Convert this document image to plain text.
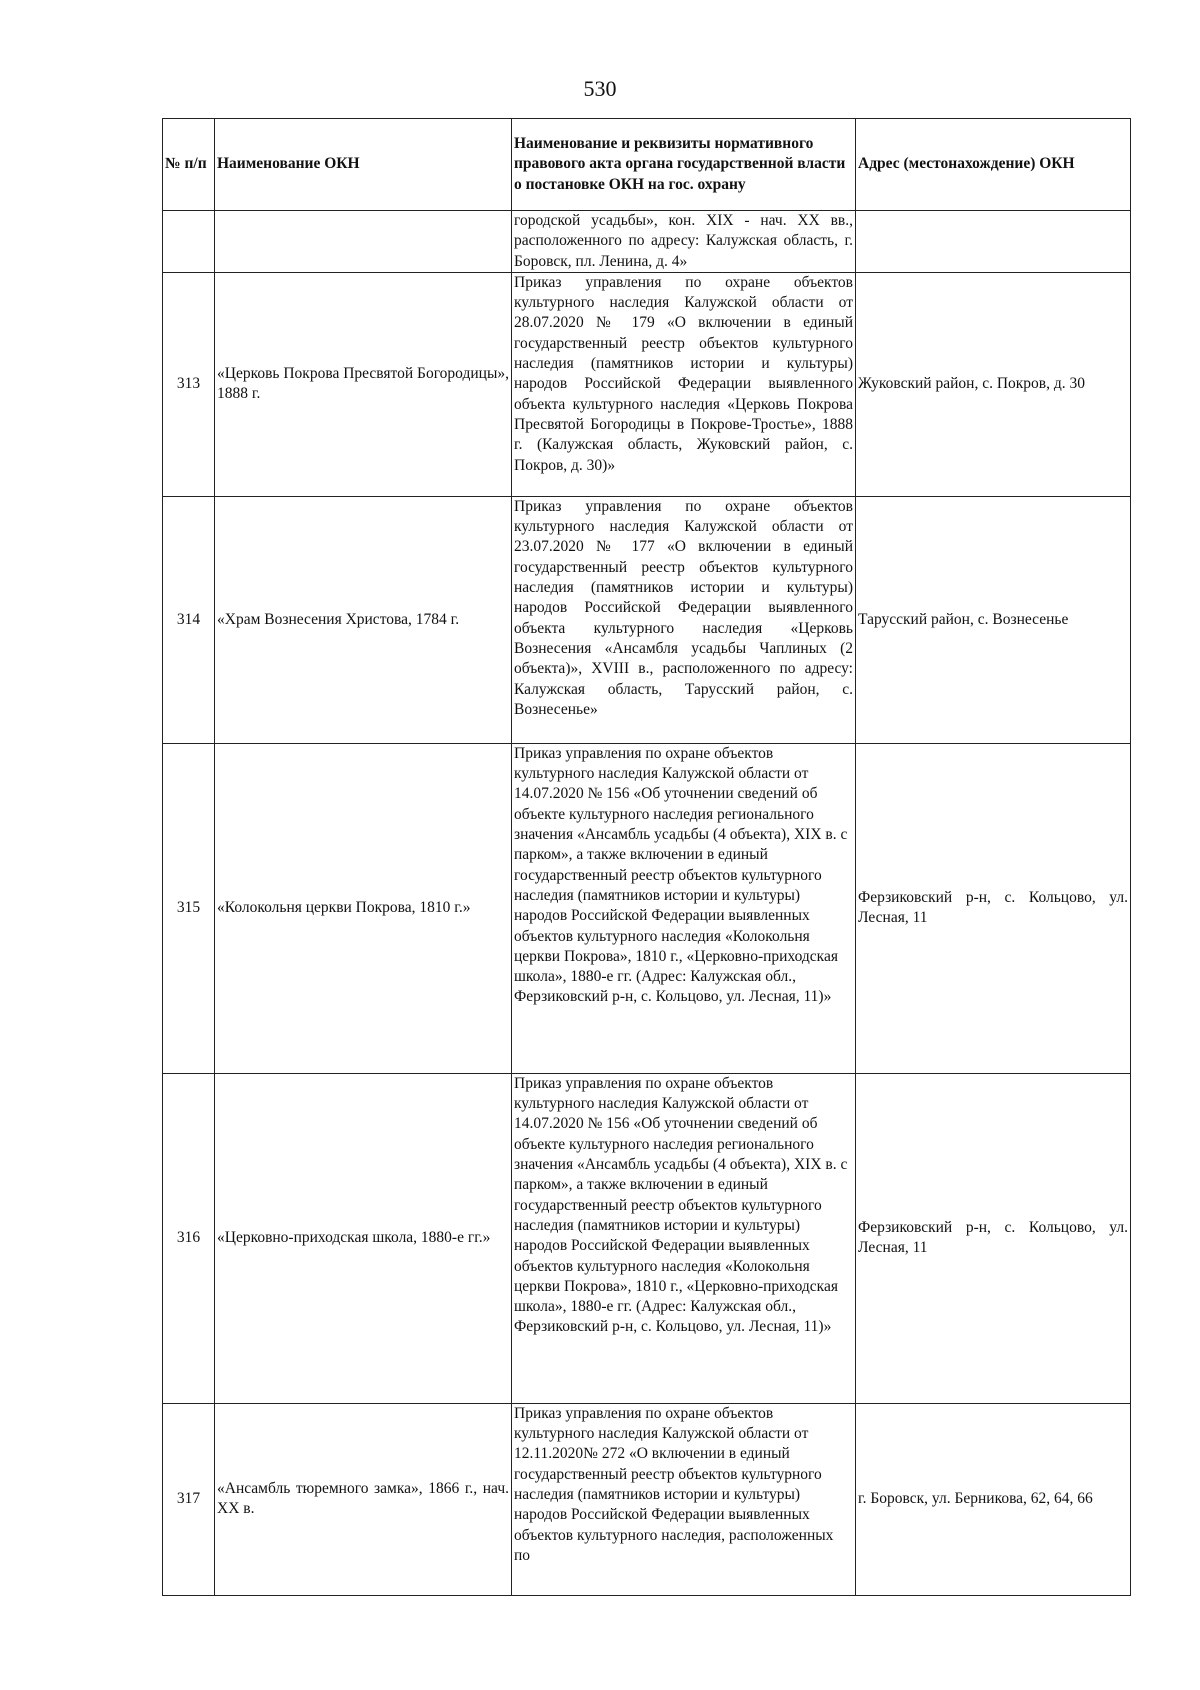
530
№ п/п	Наименование ОКН	Наименование и реквизиты нормативного правового акта органа государственной власти о постановке ОКН на гос. охрану	Адрес (местонахождение) ОКН
		городской усадьбы», кон. XIX - нач. XX вв., расположенного по адресу: Калужская область, г. Боровск, пл. Ленина, д. 4»	
313	«Церковь Покрова Пресвятой Богородицы», 1888 г.	Приказ управления по охране объектов культурного наследия Калужской области от 28.07.2020 № 179 «О включении в единый государственный реестр объектов культурного наследия (памятников истории и культуры) народов Российской Федерации выявленного объекта культурного наследия «Церковь Покрова Пресвятой Богородицы в Покрове-Тростье», 1888 г. (Калужская область, Жуковский район, с. Покров, д. 30)»	Жуковский район, с. Покров, д. 30
314	«Храм Вознесения Христова, 1784 г.	Приказ управления по охране объектов культурного наследия Калужской области от 23.07.2020 № 177 «О включении в единый государственный реестр объектов культурного наследия (памятников истории и культуры) народов Российской Федерации выявленного объекта культурного наследия «Церковь Вознесения «Ансамбля усадьбы Чаплиных (2 объекта)», XVIII в., расположенного по адресу: Калужская область, Тарусский район, с. Вознесенье»	Тарусский район, с. Вознесенье
315	«Колокольня церкви Покрова, 1810 г.»	Приказ управления по охране объектов культурного наследия Калужской области от 14.07.2020 № 156 «Об уточнении сведений об объекте культурного наследия регионального значения «Ансамбль усадьбы (4 объекта), XIX в. с парком», а также включении в единый государственный реестр объектов культурного наследия (памятников истории и культуры) народов Российской Федерации выявленных объектов культурного наследия «Колокольня церкви Покрова», 1810 г., «Церковно-приходская школа», 1880-е гг. (Адрес: Калужская обл., Ферзиковский р-н, с. Кольцово, ул. Лесная, 11)»	Ферзиковский р-н, с. Кольцово, ул. Лесная, 11
316	«Церковно-приходская школа, 1880-е гг.»	Приказ управления по охране объектов культурного наследия Калужской области от 14.07.2020 № 156 «Об уточнении сведений об объекте культурного наследия регионального значения «Ансамбль усадьбы (4 объекта), XIX в. с парком», а также включении в единый государственный реестр объектов культурного наследия (памятников истории и культуры) народов Российской Федерации выявленных объектов культурного наследия «Колокольня церкви Покрова», 1810 г., «Церковно-приходская школа», 1880-е гг. (Адрес: Калужская обл., Ферзиковский р-н, с. Кольцово, ул. Лесная, 11)»	Ферзиковский р-н, с. Кольцово, ул. Лесная, 11
317	«Ансамбль тюремного замка», 1866 г., нач. XX в.	Приказ управления по охране объектов культурного наследия Калужской области от 12.11.2020№ 272 «О включении в единый государственный реестр объектов культурного наследия (памятников истории и культуры) народов Российской Федерации выявленных объектов культурного наследия, расположенных по	г. Боровск, ул. Берникова, 62, 64, 66
